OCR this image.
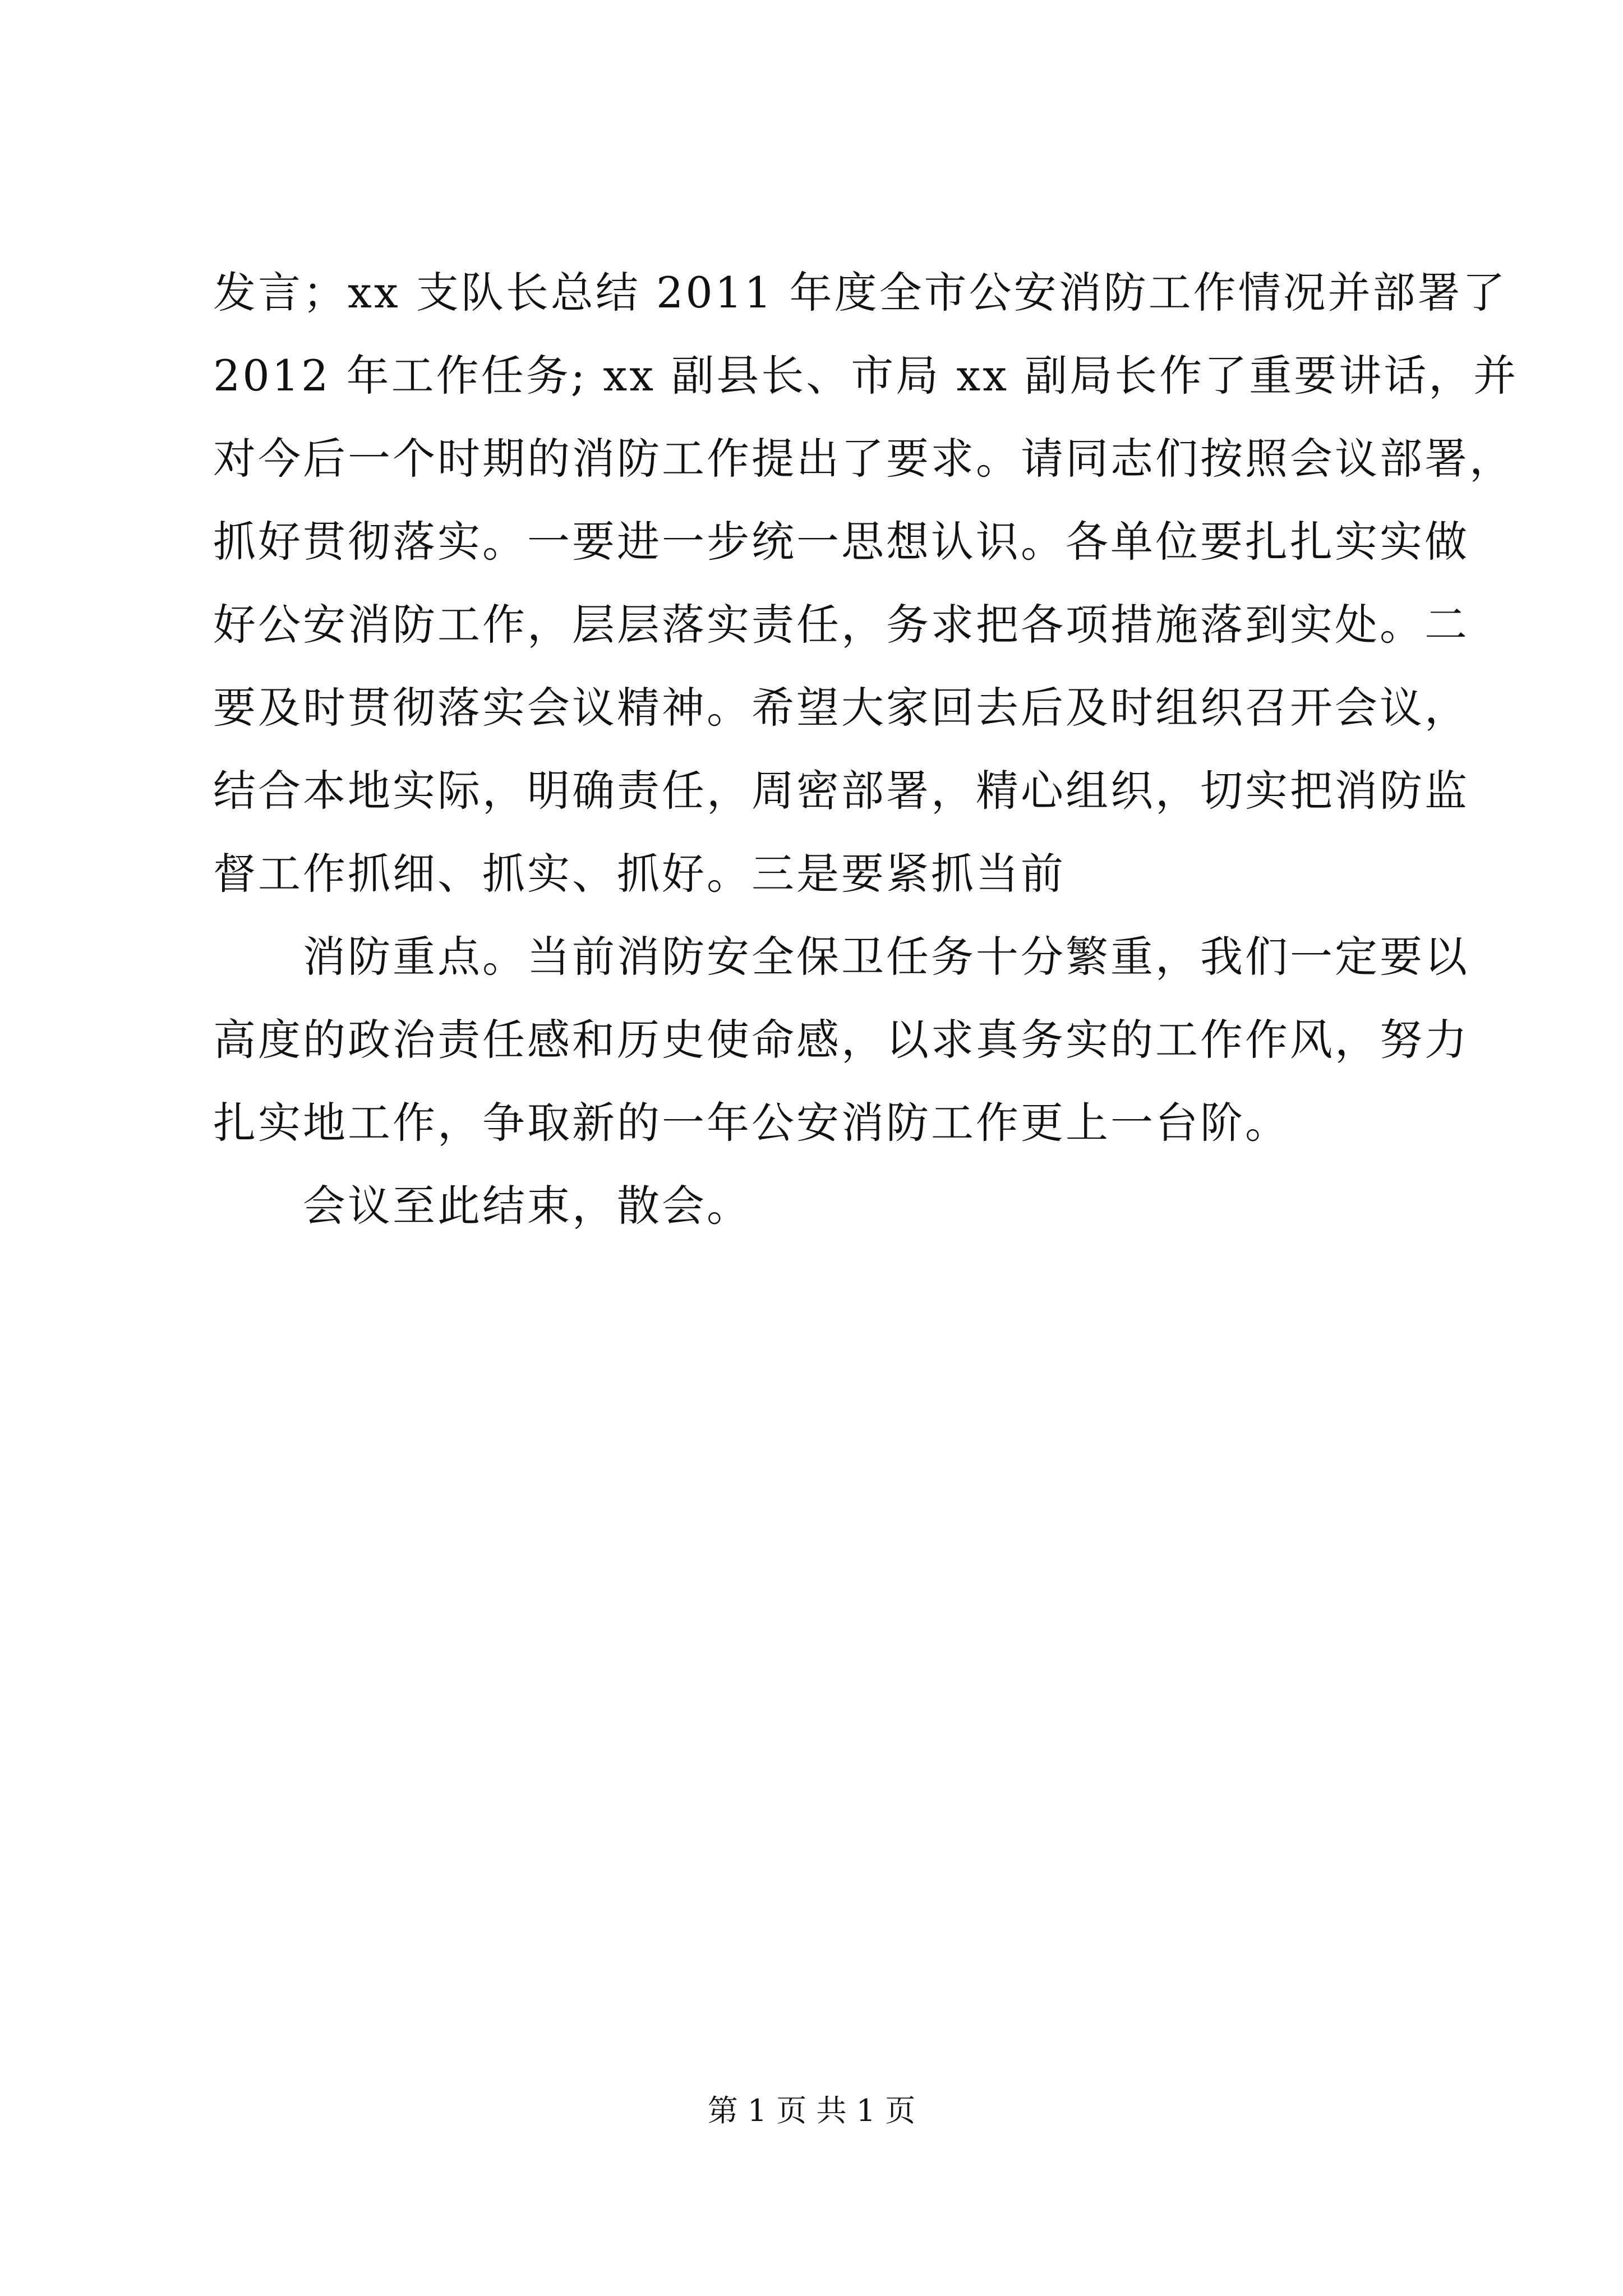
发言；xx 支队长总结 2011 年度全市公安消防工作情况并部署了
2012 年工作任务; xx 副县长、市局 xx 副局长作了重要讲话，并
对今后一个时期的消防工作提出了要求。请同志们按照会议部署，
抓好贯彻落实。一要进一步统一思想认识。各单位要扎扎实实做
好公安消防工作，层层落实责任，务求把各项措施落到实处。二
要及时贯彻落实会议精神。希望大家回去后及时组织召开会议，
结合本地实际，明确责任，周密部署，精心组织，切实把消防监
督工作抓细、抓实、抓好。三是要紧抓当前
消防重点。当前消防安全保卫任务十分繁重，我们一定要以
高度的政治责任感和历史使命感，以求真务实的工作作风，努力
扎实地工作，争取新的一年公安消防工作更上一台阶。
会议至此结束，散会。
第 1 页 共 1 页
